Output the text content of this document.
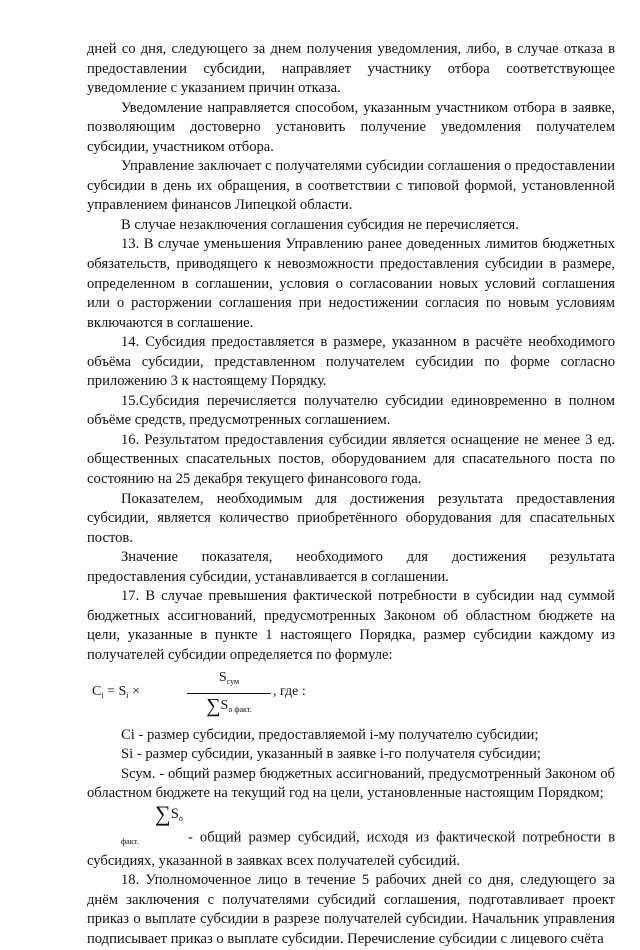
дней со дня, следующего за днем получения уведомления, либо, в случае отказа в предоставлении субсидии, направляет участнику отбора соответствующее уведомление с указанием причин отказа.

Уведомление направляется способом, указанным участником отбора в заявке, позволяющим достоверно установить получение уведомления получателем субсидии, участником отбора.

Управление заключает с получателями субсидии соглашения о предоставлении субсидии в день их обращения, в соответствии с типовой формой, установленной управлением финансов Липецкой области.

В случае незаключения соглашения субсидия не перечисляется.

13. В случае уменьшения Управлению ранее доведенных лимитов бюджетных обязательств, приводящего к невозможности предоставления субсидии в размере, определенном в соглашении, условия о согласовании новых условий соглашения или о расторжении соглашения при недостижении согласия по новым условиям включаются в соглашение.

14. Субсидия предоставляется в размере, указанном в расчёте необходимого объёма субсидии, представленном получателем субсидии по форме согласно приложению 3 к настоящему Порядку.

15.Субсидия перечисляется получателю субсидии единовременно в полном объёме средств, предусмотренных соглашением.

16. Результатом предоставления субсидии является оснащение не менее 3 ед. общественных спасательных постов, оборудованием для спасательного поста по состоянию на 25 декабря текущего финансового года.

Показателем, необходимым для достижения результата предоставления субсидии, является количество приобретённого оборудования для спасательных постов.

Значение показателя, необходимого для достижения результата предоставления субсидии, устанавливается в соглашении.

17. В случае превышения фактической потребности в субсидии над суммой бюджетных ассигнований, предусмотренных Законом об областном бюджете на цели, указанные в пункте 1 настоящего Порядка, размер субсидии каждому из получателей субсидии определяется по формуле:

$C_i = S_i$ ×
$S_{сум}$
$\sum S_{о факт.}$
, где :

Ci - размер субсидии, предоставляемой i-му получателю субсидии;

Si - размер субсидии, указанный в заявке i-го получателя субсидии;

Sсум. - общий размер бюджетных ассигнований, предусмотренный Законом об областном бюджете на текущий год на цели, установленные настоящим Порядком;

$\sum S_{о факт.}$	- общий размер субсидий, исходя из фактической потребности в субсидиях, указанной в заявках всех получателей субсидий.

18. Уполномоченное лицо в течение 5 рабочих дней со дня, следующего за днём заключения с получателями субсидий соглашения, подготавливает проект приказ о выплате субсидии в разрезе получателей субсидии. Начальник управления подписывает приказ о выплате субсидии. Перечисление субсидии с лицевого счёта
